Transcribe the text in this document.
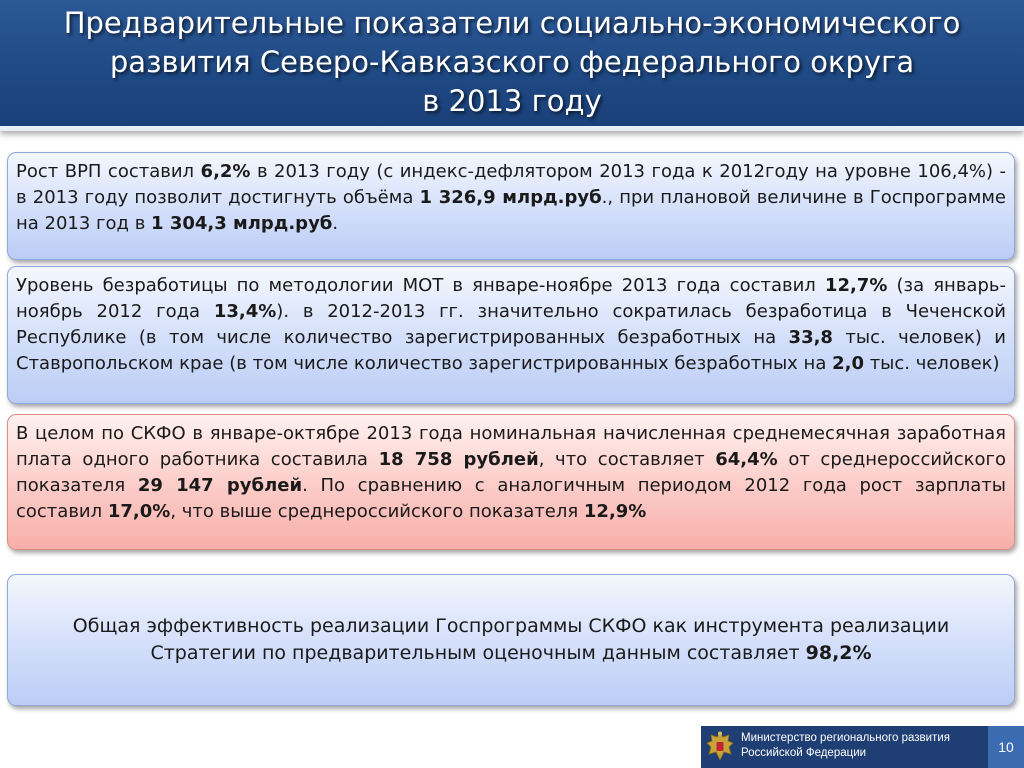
Предварительные показатели социально-экономического
развития Северо-Кавказского федерального округа
в 2013 году

Рост ВРП составил 6,2% в 2013 году (с индекс-дефлятором 2013 года к 2012году на уровне 106,4%) - в 2013 году позволит достигнуть объёма 1 326,9 млрд.руб., при плановой величине в Госпрограмме на 2013 год в 1 304,3 млрд.руб.

Уровень безработицы по методологии МОТ в январе-ноябре 2013 года составил 12,7% (за январь-ноябрь 2012 года 13,4%). в 2012-2013 гг. значительно сократилась безработица в Чеченской Республике (в том числе количество зарегистрированных безработных на 33,8 тыс. человек) и Ставропольском крае (в том числе количество зарегистрированных безработных на 2,0 тыс. человек)

В целом по СКФО в январе-октябре 2013 года номинальная начисленная среднемесячная заработная плата одного работника составила 18 758 рублей, что составляет 64,4% от среднероссийского показателя 29 147 рублей. По сравнению с аналогичным периодом 2012 года рост зарплаты составил 17,0%, что выше среднероссийского показателя 12,9%

Общая эффективность реализации Госпрограммы СКФО как инструмента реализации Стратегии по предварительным оценочным данным составляет 98,2%

Министерство регионального развития
Российской Федерации	10
